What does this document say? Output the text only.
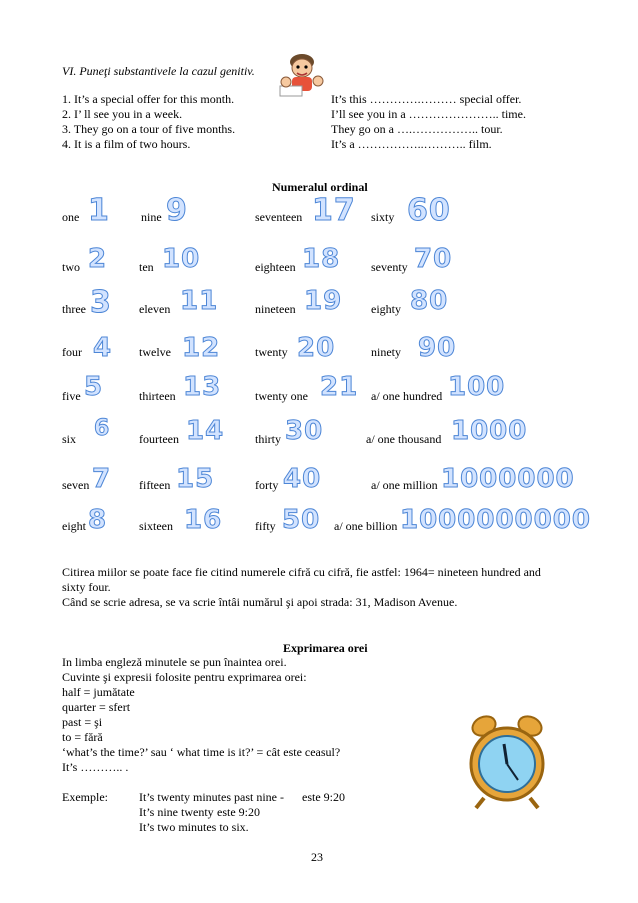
VI. Puneţi substantivele la cazul genitiv.
1. It’s a special offer for this month.
2. I’ ll see you in a week.
3. They go on a tour of five months.
4. It is a film of two hours.
It’s this ………….……… special offer.
I’ll see you in a ………………….. time.
They go on a ….…………….. tour.
It’s a ……………..……….. film.
Numeralul ordinal
one 1	nine 9	seventeen 17 sixty 60
two 2	ten 10	eighteen 18	seventy 70
three 3 eleven 11	nineteen 19 eighty 80
four 4 twelve 12	twenty 20	ninety 90
five 5	thirteen 13	twenty one 21 a/ one hundred 100
six 6 fourteen 14	thirty 30	a/ one thousand 1000
seven 7 fifteen 15	forty 40	a/ one million 1000000
eight 8	sixteen 16	fifty 50 a/ one billion 1000000000
Citirea miilor se poate face fie citind numerele cifră cu cifră, fie astfel: 1964= nineteen hundred and
sixty four.
Când se scrie adresa, se va scrie întâi numărul şi apoi strada: 31, Madison Avenue.
Exprimarea orei
In limba engleză minutele se pun înaintea orei.
Cuvinte şi expresii folosite pentru exprimarea orei:
half = jumătate
quarter = sfert
past = şi
to = fără
‘what’s the time?’ sau ‘ what time is it?’ = cât este ceasul?
It’s ……….. .
Exemple:	It’s twenty minutes past nine - este 9:20
It’s nine twenty este 9:20
It’s two minutes to six.
23
